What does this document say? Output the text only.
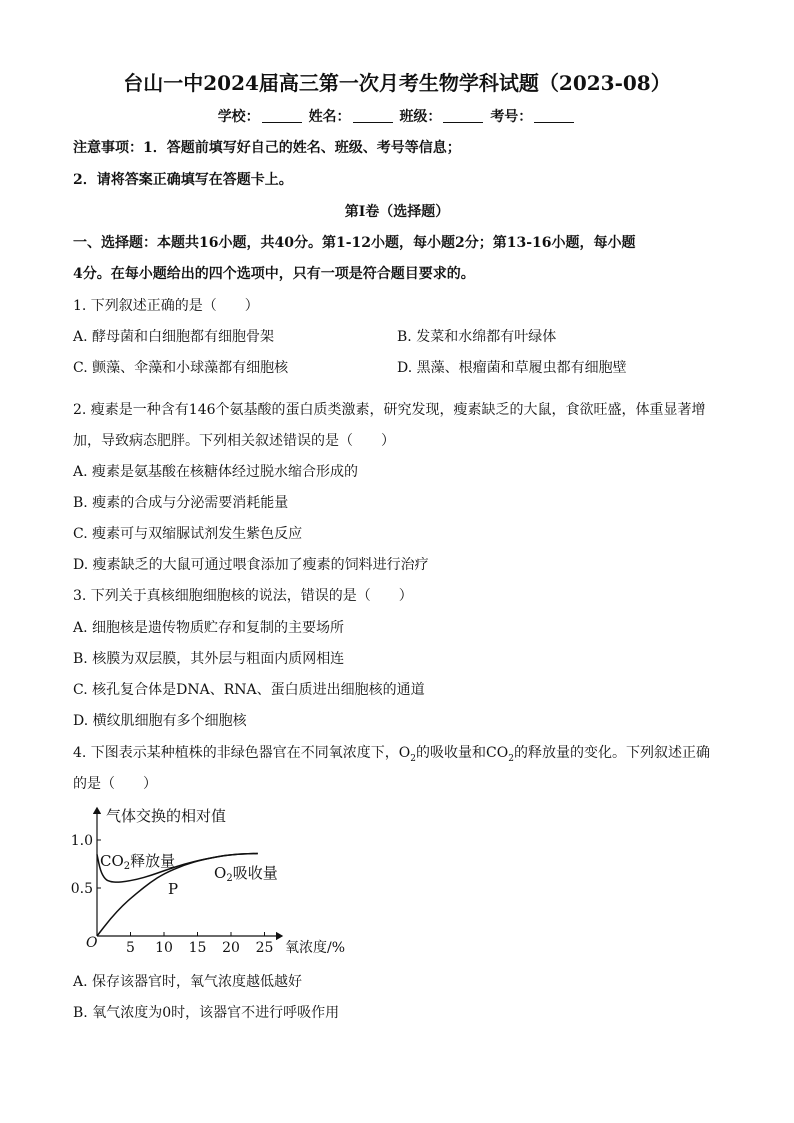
台山一中2024届高三第一次月考生物学科试题（2023-08）
学校：	姓名：	班级：	考号：
注意事项：1．答题前填写好自己的姓名、班级、考号等信息；
2．请将答案正确填写在答题卡上。
第I卷（选择题）
一、选择题：本题共16小题，共40分。第1-12小题，每小题2分；第13-16小题，每小题
4分。在每小题给出的四个选项中，只有一项是符合题目要求的。
1. 下列叙述正确的是（　　）
A. 酵母菌和白细胞都有细胞骨架	B. 发菜和水绵都有叶绿体
C. 颤藻、伞藻和小球藻都有细胞核	D. 黑藻、根瘤菌和草履虫都有细胞壁
2. 瘦素是一种含有146个氨基酸的蛋白质类激素，研究发现，瘦素缺乏的大鼠，食欲旺盛，体重显著增
加，导致病态肥胖。下列相关叙述错误的是（　　）
A. 瘦素是氨基酸在核糖体经过脱水缩合形成的
B. 瘦素的合成与分泌需要消耗能量
C. 瘦素可与双缩脲试剂发生紫色反应
D. 瘦素缺乏的大鼠可通过喂食添加了瘦素的饲料进行治疗
3. 下列关于真核细胞细胞核的说法，错误的是（　　）
A. 细胞核是遗传物质贮存和复制的主要场所
B. 核膜为双层膜，其外层与粗面内质网相连
C. 核孔复合体是DNA、RNA、蛋白质进出细胞核的通道
D. 横纹肌细胞有多个细胞核
4. 下图表示某种植株的非绿色器官在不同氧浓度下，$O_2$的吸收量和$CO_2$的释放量的变化。下列叙述正确
的是（　　）
气体交换的相对值
氧浓度/%
O 5 10 15 20 25
0.5
1.0
$CO_2$释放量
$O_2$吸收量
P
A. 保存该器官时，氧气浓度越低越好
B. 氧气浓度为0时，该器官不进行呼吸作用
